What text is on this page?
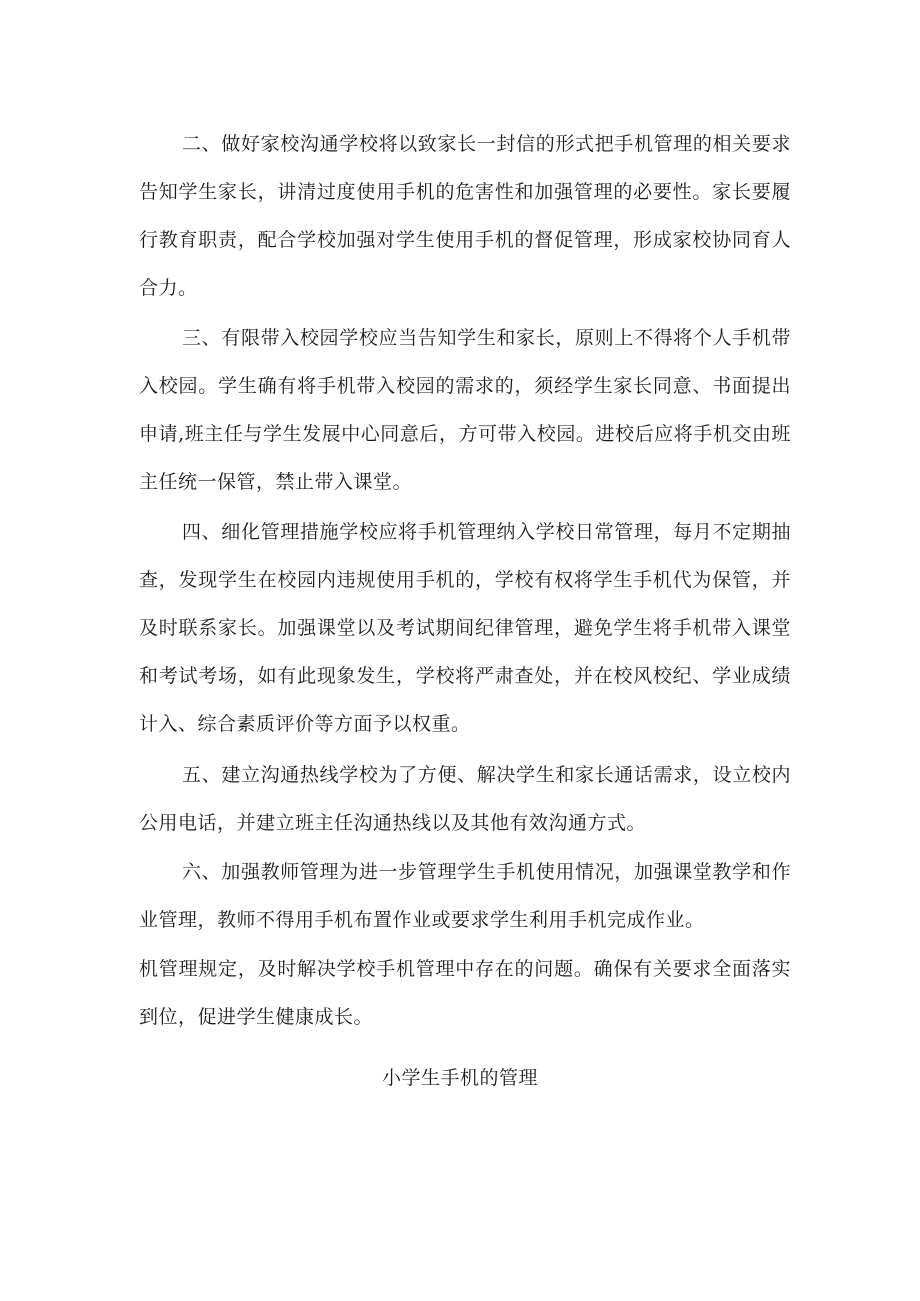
二、做好家校沟通学校将以致家长一封信的形式把手机管理的相关要求告知学生家长，讲清过度使用手机的危害性和加强管理的必要性。家长要履行教育职责，配合学校加强对学生使用手机的督促管理，形成家校协同育人合力。

三、有限带入校园学校应当告知学生和家长，原则上不得将个人手机带入校园。学生确有将手机带入校园的需求的，须经学生家长同意、书面提出申请,班主任与学生发展中心同意后，方可带入校园。进校后应将手机交由班主任统一保管，禁止带入课堂。

四、细化管理措施学校应将手机管理纳入学校日常管理，每月不定期抽查，发现学生在校园内违规使用手机的，学校有权将学生手机代为保管，并及时联系家长。加强课堂以及考试期间纪律管理，避免学生将手机带入课堂和考试考场，如有此现象发生，学校将严肃查处，并在校风校纪、学业成绩计入、综合素质评价等方面予以权重。

五、建立沟通热线学校为了方便、解决学生和家长通话需求，设立校内公用电话，并建立班主任沟通热线以及其他有效沟通方式。

六、加强教师管理为进一步管理学生手机使用情况，加强课堂教学和作业管理，教师不得用手机布置作业或要求学生利用手机完成作业。

机管理规定，及时解决学校手机管理中存在的问题。确保有关要求全面落实到位，促进学生健康成长。

小学生手机的管理
